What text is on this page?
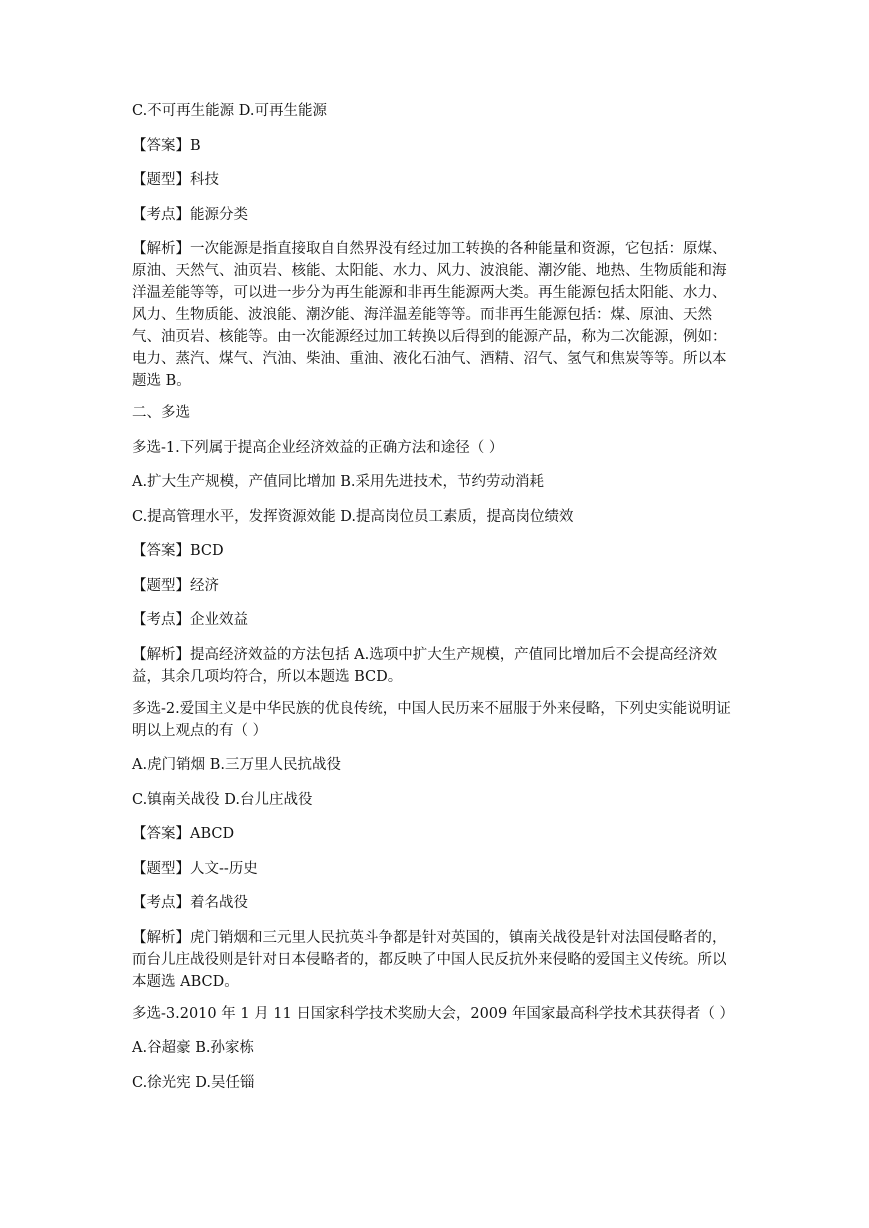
C.不可再生能源 D.可再生能源

【答案】B

【题型】科技

【考点】能源分类

【解析】一次能源是指直接取自自然界没有经过加工转换的各种能量和资源，它包括：原煤、原油、天然气、油页岩、核能、太阳能、水力、风力、波浪能、潮汐能、地热、生物质能和海洋温差能等等，可以进一步分为再生能源和非再生能源两大类。再生能源包括太阳能、水力、风力、生物质能、波浪能、潮汐能、海洋温差能等等。而非再生能源包括：煤、原油、天然气、油页岩、核能等。由一次能源经过加工转换以后得到的能源产品，称为二次能源，例如：电力、蒸汽、煤气、汽油、柴油、重油、液化石油气、酒精、沼气、氢气和焦炭等等。所以本题选 B。

二、多选

多选-1.下列属于提高企业经济效益的正确方法和途径（ ）

A.扩大生产规模，产值同比增加 B.采用先进技术，节约劳动消耗

C.提高管理水平，发挥资源效能 D.提高岗位员工素质，提高岗位绩效

【答案】BCD

【题型】经济

【考点】企业效益

【解析】提高经济效益的方法包括 A.选项中扩大生产规模，产值同比增加后不会提高经济效益，其余几项均符合，所以本题选 BCD。

多选-2.爱国主义是中华民族的优良传统，中国人民历来不屈服于外来侵略，下列史实能说明证明以上观点的有（ ）

A.虎门销烟 B.三万里人民抗战役

C.镇南关战役 D.台儿庄战役

【答案】ABCD

【题型】人文--历史

【考点】着名战役

【解析】虎门销烟和三元里人民抗英斗争都是针对英国的，镇南关战役是针对法国侵略者的，而台儿庄战役则是针对日本侵略者的，都反映了中国人民反抗外来侵略的爱国主义传统。所以本题选 ABCD。

多选-3.2010 年 1 月 11 日国家科学技术奖励大会，2009 年国家最高科学技术其获得者（ ）

A.谷超豪 B.孙家栋

C.徐光宪 D.吴任锱
